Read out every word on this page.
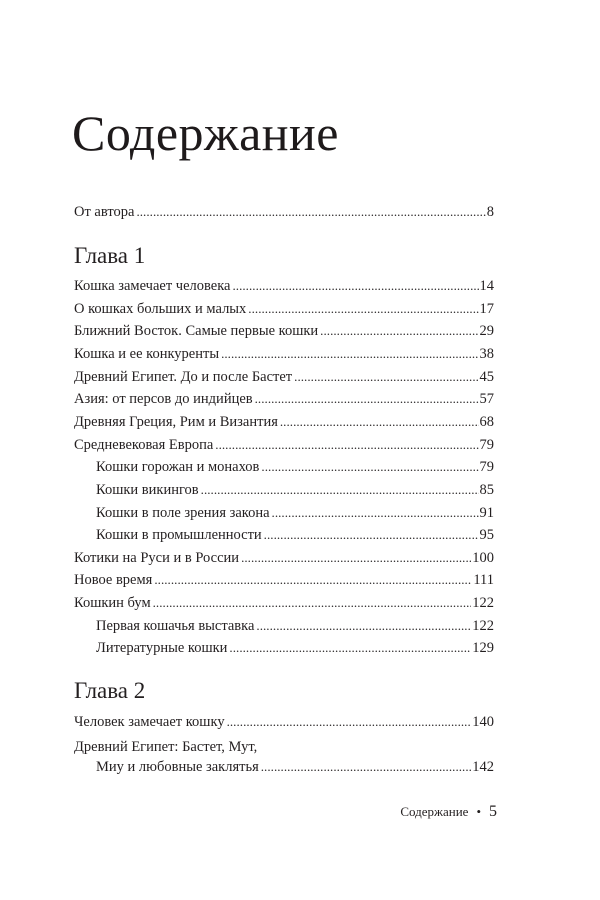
Содержание
От автора . . .	8
Глава 1
Кошка замечает человека . . .	14
О кошках больших и малых . . .	17
Ближний Восток. Самые первые кошки . . .	29
Кошка и ее конкуренты . . .	38
Древний Египет. До и после Бастет . . .	45
Азия: от персов до индийцев . . .	57
Древняя Греция, Рим и Византия . . .	68
Средневековая Европа . . .	79
Кошки горожан и монахов . . .	79
Кошки викингов . . .	85
Кошки в поле зрения закона . . .	91
Кошки в промышленности . . .	95
Котики на Руси и в России . . .	100
Новое время . . .	111
Кошкин бум . . .	122
Первая кошачья выставка . . .	122
Литературные кошки . . .	129
Глава 2
Человек замечает кошку . . .	140
Древний Египет: Бастет, Мут,
Миу и любовные заклятья . . .	142
Содержание • 5
